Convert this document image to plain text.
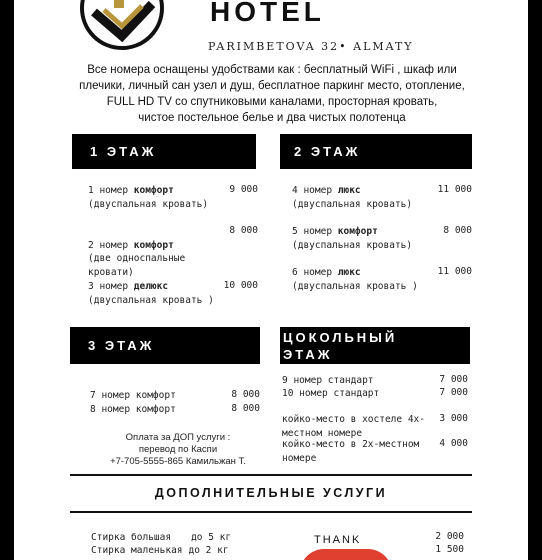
HOTEL
PARIMBETOVA 32• ALMATY
Все номера оснащены удобствами как : бесплатный WiFi , шкаф или
плечики, личный сан узел и душ, бесплатное паркинг место, отопление,
FULL HD TV со спутниковыми каналами, просторная кровать,
чистое постельное белье и два чистых полотенца
1 ЭТАЖ
1 номер комфорт
(двуспальная кровать)
9 000

2 номер комфорт
(две односпальные
кровати)

8 000
3 номер делюкс
(двуспальная кровать )
10 000
2 ЭТАЖ
4 номер люкс
(двуспальная кровать)
11 000
5 номер комфорт
(двуспальная кровать)
8 000
6 номер люкс
(двуспальная кровать )
11 000
3 ЭТАЖ
7 номер комфорт	8 000
8 номер комфорт	8 000
Оплата за ДОП услуги :
перевод по Каспи
+7-705-5555-865 Камильжан Т.
ЦОКОЛЬНЫЙ
ЭТАЖ
9 номер стандарт	7 000
10 номер стандарт	7 000
койко-место в хостеле 4х-
местном номере
3 000
койко-место в 2х-местном
номере
4 000
ДОПОЛНИТЕЛЬНЫЕ УСЛУГИ
Стирка большая до 5 кг	2 000
Стирка маленькая до 2 кг	1 500
THANK
